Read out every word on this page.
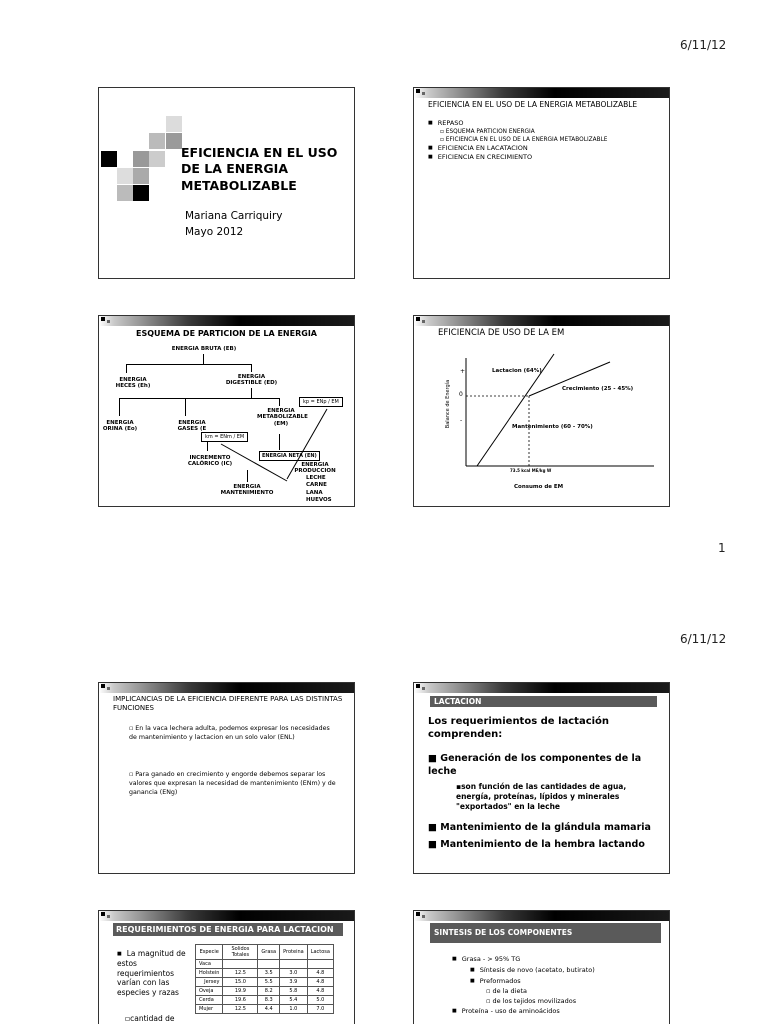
6/11/12
1
6/11/12
EFICIENCIA EN EL USO DE LA ENERGIA METABOLIZABLE
Mariana Carriquiry
Mayo 2012
EFICIENCIA EN EL USO DE LA ENERGIA METABOLIZABLE
■ REPASO
▫ ESQUEMA PARTICION ENERGIA
▫ EFICIENCIA EN EL USO DE LA ENERGIA METABOLIZABLE
■ EFICIENCIA EN LACATACION
■ EFICIENCIA EN CRECIMIENTO
ESQUEMA DE PARTICION DE LA ENERGIA
ENERGIA BRUTA (EB)
ENERGIA HECES (Eh)
ENERGIA DIGESTIBLE (ED)
ENERGIA ORINA (Eo)
ENERGIA GASES (E
ENERGIA METABOLIZABLE (EM)
kp = ENp / EM
km = ENm / EM
INCREMENTO CALÓRICO (IC)
ENERGIA NETA (EN)
ENERGIA MANTENIMIENTO
ENERGIA PRODUCCION
LECHE
CARNE
LANA
HUEVOS
EFICIENCIA DE USO DE LA EM
+
0
-
Balance de Energía
Lactacion (64%)
Crecimiento (25 - 45%)
Mantenimiento (60 - 70%)
73.5 kcal ME/kg W
Consumo de EM
IMPLICANCIAS DE LA EFICIENCIA DIFERENTE PARA LAS DISTINTAS FUNCIONES
▫ En la vaca lechera adulta, podemos expresar los necesidades de mantenimiento y lactacion en un solo valor (ENL)
▫ Para ganado en crecimiento y engorde debemos separar los valores que expresan la necesidad de mantenimiento (ENm) y de ganancia (ENg)
LACTACION
Los requerimientos de lactación comprenden:
■ Generación de los componentes de la leche
▪son función de las cantidades de agua, energía, proteínas, lípidos y minerales "exportados" en la leche
■ Mantenimiento de la glándula mamaria
■ Mantenimiento de la hembra lactando
REQUERIMIENTOS DE ENERGIA PARA LACTACION
■ La magnitud de estos requerimientos varían con las especies y razas
▫cantidad de
Especie	Solidos Totales	Grasa	Proteina	Lactosa
Vaca				
Holstein	12.5	3.5	3.0	4.8
Jersey	15.0	5.5	3.9	4.8
Oveja	19.9	8.2	5.8	4.8
Cerda	19.6	8.3	5.4	5.0
Mujer	12.5	4.4	1.0	7.0
SINTESIS DE LOS COMPONENTES
■ Grasa - > 95% TG
■ Síntesis de novo (acetato, butirato)
■ Preformados
▫ de la dieta
▫ de los tejidos movilizados
■ Proteína - uso de aminoácidos
